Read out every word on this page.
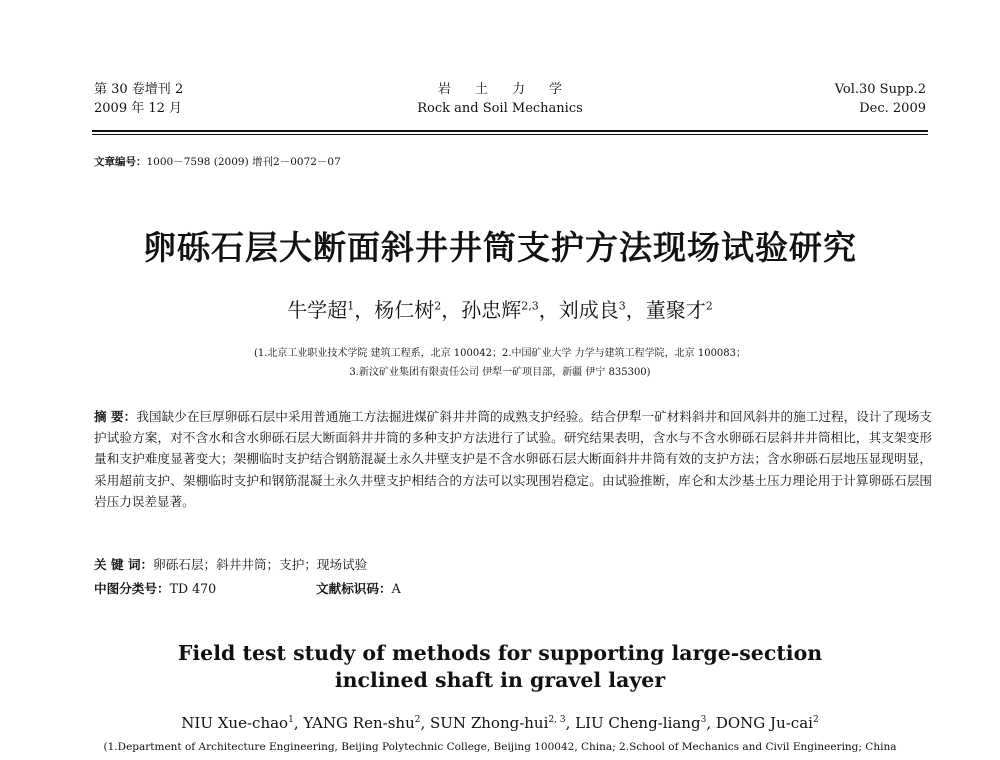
第 30 卷增刊 2
2009 年 12 月
岩土力学
Rock and Soil Mechanics
Vol.30 Supp.2
Dec. 2009
文章编号：1000－7598 (2009) 增刊2－0072－07
卵砾石层大断面斜井井筒支护方法现场试验研究
牛学超$^1$，杨仁树$^2$，孙忠辉$^{2,3}$，刘成良$^3$，董聚才$^2$
(1.北京工业职业技术学院 建筑工程系，北京 100042；2.中国矿业大学 力学与建筑工程学院，北京 100083；
3.新汶矿业集团有限责任公司 伊犁一矿项目部，新疆 伊宁 835300)
摘 要：我国缺少在巨厚卵砾石层中采用普通施工方法掘进煤矿斜井井筒的成熟支护经验。结合伊犁一矿材料斜井和回风斜井的施工过程，设计了现场支护试验方案，对不含水和含水卵砾石层大断面斜井井筒的多种支护方法进行了试验。研究结果表明，含水与不含水卵砾石层斜井井筒相比，其支架变形量和支护难度显著变大；架棚临时支护结合钢筋混凝土永久井壁支护是不含水卵砾石层大断面斜井井筒有效的支护方法；含水卵砾石层地压显现明显，采用超前支护、架棚临时支护和钢筋混凝土永久井壁支护相结合的方法可以实现围岩稳定。由试验推断，库仑和太沙基土压力理论用于计算卵砾石层围岩压力误差显著。
关 键 词：卵砾石层；斜井井筒；支护；现场试验
中图分类号：TD 470	文献标识码：A
Field test study of methods for supporting large-section
inclined shaft in gravel layer
NIU Xue-chao$^1$, YANG Ren-shu$^2$, SUN Zhong-hui$^{2, 3}$, LIU Cheng-liang$^3$, DONG Ju-cai$^2$
(1.Department of Architecture Engineering, Beijing Polytechnic College, Beijing 100042, China; 2.School of Mechanics and Civil Engineering; China
